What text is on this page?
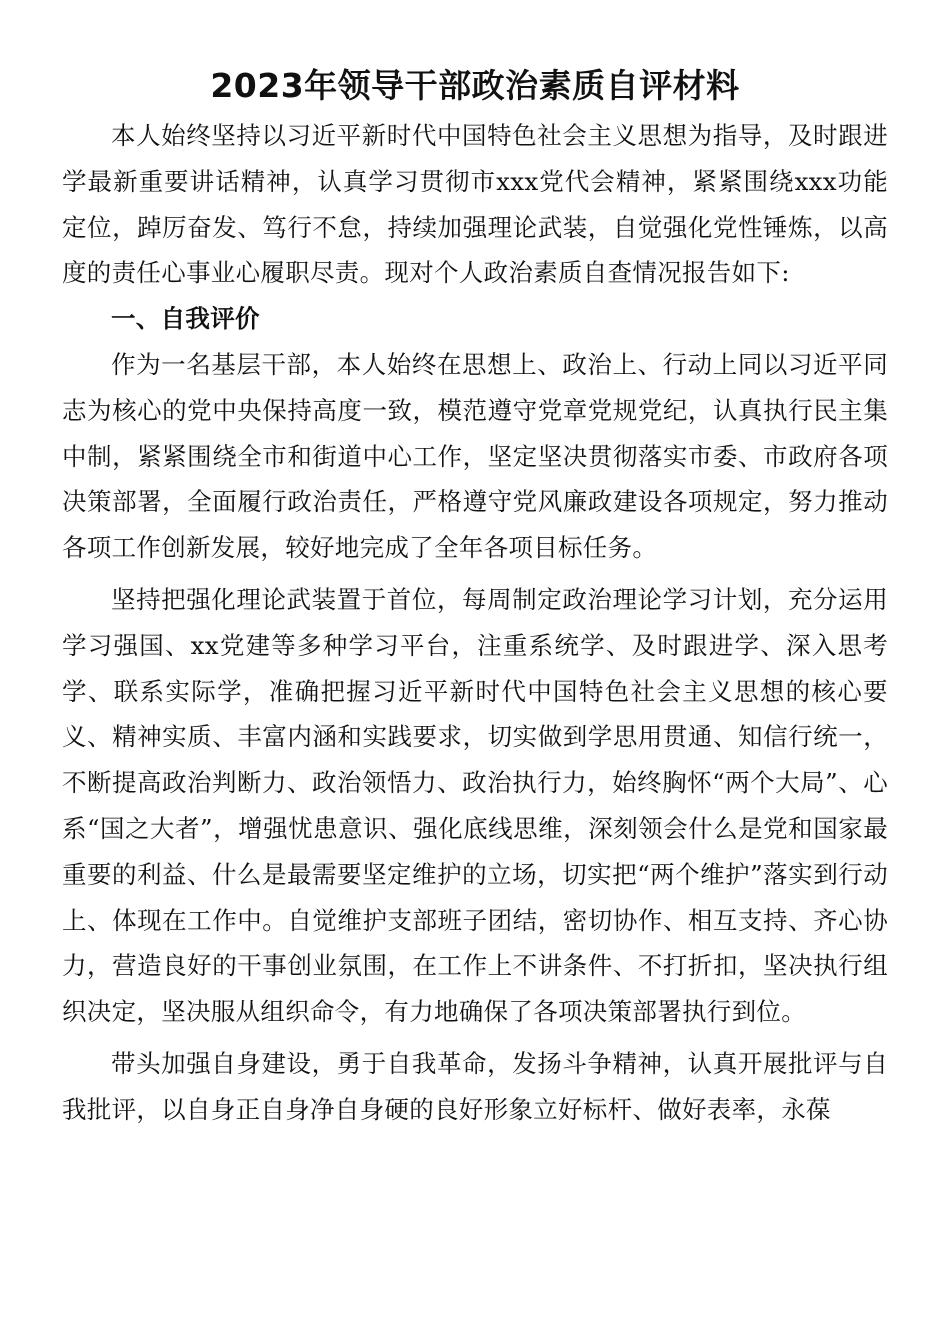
2023年领导干部政治素质自评材料

本人始终坚持以习近平新时代中国特色社会主义思想为指导，及时跟进学最新重要讲话精神，认真学习贯彻市xxx党代会精神，紧紧围绕xxx功能定位，踔厉奋发、笃行不怠，持续加强理论武装，自觉强化党性锤炼，以高度的责任心事业心履职尽责。现对个人政治素质自查情况报告如下:

一、自我评价

作为一名基层干部，本人始终在思想上、政治上、行动上同以习近平同志为核心的党中央保持高度一致，模范遵守党章党规党纪，认真执行民主集中制，紧紧围绕全市和街道中心工作，坚定坚决贯彻落实市委、市政府各项决策部署，全面履行政治责任，严格遵守党风廉政建设各项规定，努力推动各项工作创新发展，较好地完成了全年各项目标任务。

坚持把强化理论武装置于首位，每周制定政治理论学习计划，充分运用学习强国、xx党建等多种学习平台，注重系统学、及时跟进学、深入思考学、联系实际学，准确把握习近平新时代中国特色社会主义思想的核心要义、精神实质、丰富内涵和实践要求，切实做到学思用贯通、知信行统一，不断提高政治判断力、政治领悟力、政治执行力，始终胸怀“两个大局”、心系“国之大者”，增强忧患意识、强化底线思维，深刻领会什么是党和国家最重要的利益、什么是最需要坚定维护的立场，切实把“两个维护”落实到行动上、体现在工作中。自觉维护支部班子团结，密切协作、相互支持、齐心协力，营造良好的干事创业氛围，在工作上不讲条件、不打折扣，坚决执行组织决定，坚决服从组织命令，有力地确保了各项决策部署执行到位。

带头加强自身建设，勇于自我革命，发扬斗争精神，认真开展批评与自我批评，以自身正自身净自身硬的良好形象立好标杆、做好表率，永葆
